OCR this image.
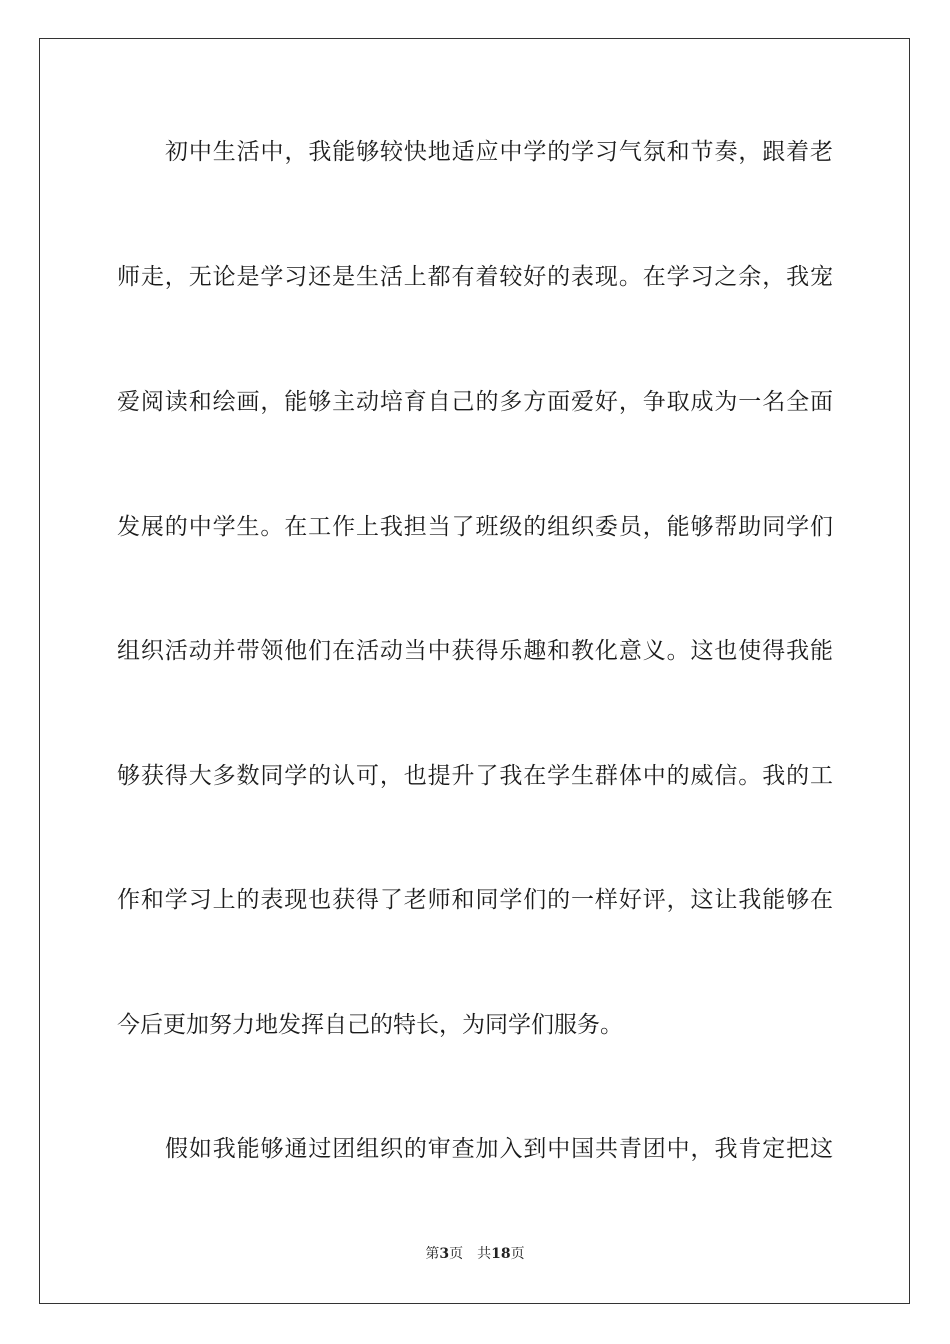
初中生活中，我能够较快地适应中学的学习气氛和节奏，跟着老
师走，无论是学习还是生活上都有着较好的表现。在学习之余，我宠
爱阅读和绘画，能够主动培育自己的多方面爱好，争取成为一名全面
发展的中学生。在工作上我担当了班级的组织委员，能够帮助同学们
组织活动并带领他们在活动当中获得乐趣和教化意义。这也使得我能
够获得大多数同学的认可，也提升了我在学生群体中的威信。我的工
作和学习上的表现也获得了老师和同学们的一样好评，这让我能够在
今后更加努力地发挥自己的特长，为同学们服务。
假如我能够通过团组织的审查加入到中国共青团中，我肯定把这
第3页 共18页
